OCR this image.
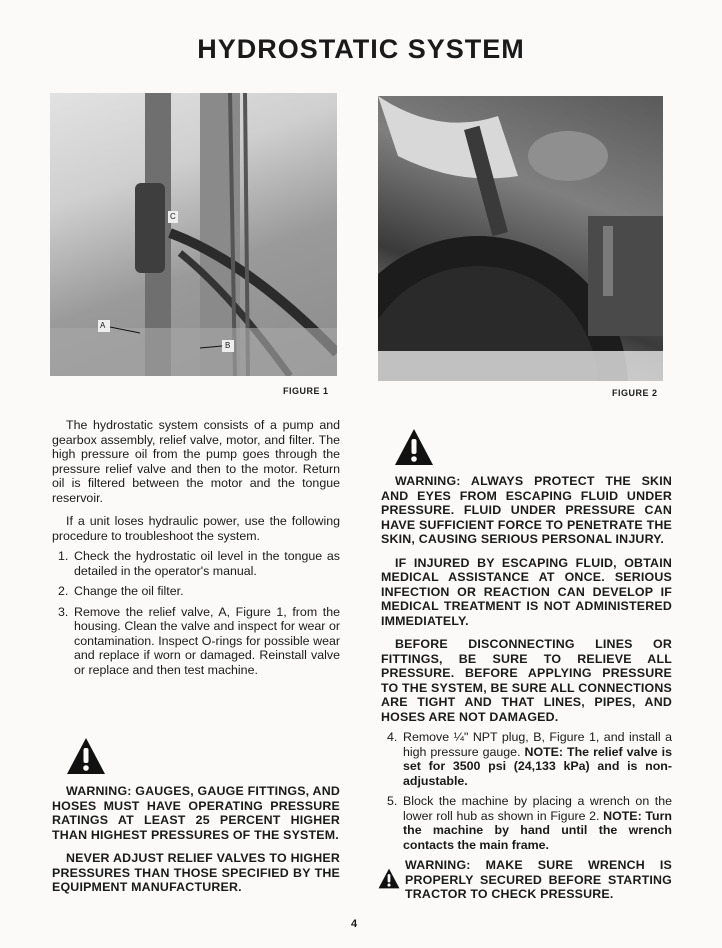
HYDROSTATIC SYSTEM
A
B
C
FIGURE 1	FIGURE 2

The hydrostatic system consists of a pump and gearbox assembly, relief valve, motor, and filter. The high pressure oil from the pump goes through the pressure relief valve and then to the motor. Return oil is filtered between the motor and the tongue reservoir.

If a unit loses hydraulic power, use the following procedure to troubleshoot the system.

1. Check the hydrostatic oil level in the tongue as detailed in the operator's manual.
2. Change the oil filter.
3. Remove the relief valve, A, Figure 1, from the housing. Clean the valve and inspect for wear or contamination. Inspect O-rings for possible wear and replace if worn or damaged. Reinstall valve or replace and then test machine.

WARNING: GAUGES, GAUGE FITTINGS, AND HOSES MUST HAVE OPERATING PRESSURE RATINGS AT LEAST 25 PERCENT HIGHER THAN HIGHEST PRESSURES OF THE SYSTEM.

NEVER ADJUST RELIEF VALVES TO HIGHER PRESSURES THAN THOSE SPECIFIED BY THE EQUIPMENT MANUFACTURER.

WARNING: ALWAYS PROTECT THE SKIN AND EYES FROM ESCAPING FLUID UNDER PRESSURE. FLUID UNDER PRESSURE CAN HAVE SUFFICIENT FORCE TO PENETRATE THE SKIN, CAUSING SERIOUS PERSONAL INJURY.

IF INJURED BY ESCAPING FLUID, OBTAIN MEDICAL ASSISTANCE AT ONCE. SERIOUS INFECTION OR REACTION CAN DEVELOP IF MEDICAL TREATMENT IS NOT ADMINISTERED IMMEDIATELY.

BEFORE DISCONNECTING LINES OR FITTINGS, BE SURE TO RELIEVE ALL PRESSURE. BEFORE APPLYING PRESSURE TO THE SYSTEM, BE SURE ALL CONNECTIONS ARE TIGHT AND THAT LINES, PIPES, AND HOSES ARE NOT DAMAGED.

4. Remove ¼" NPT plug, B, Figure 1, and install a high pressure gauge. NOTE: The relief valve is set for 3500 psi (24,133 kPa) and is non-adjustable.
5. Block the machine by placing a wrench on the lower roll hub as shown in Figure 2. NOTE: Turn the machine by hand until the wrench contacts the main frame.

WARNING: MAKE SURE WRENCH IS PROPERLY SECURED BEFORE STARTING TRACTOR TO CHECK PRESSURE.

4
